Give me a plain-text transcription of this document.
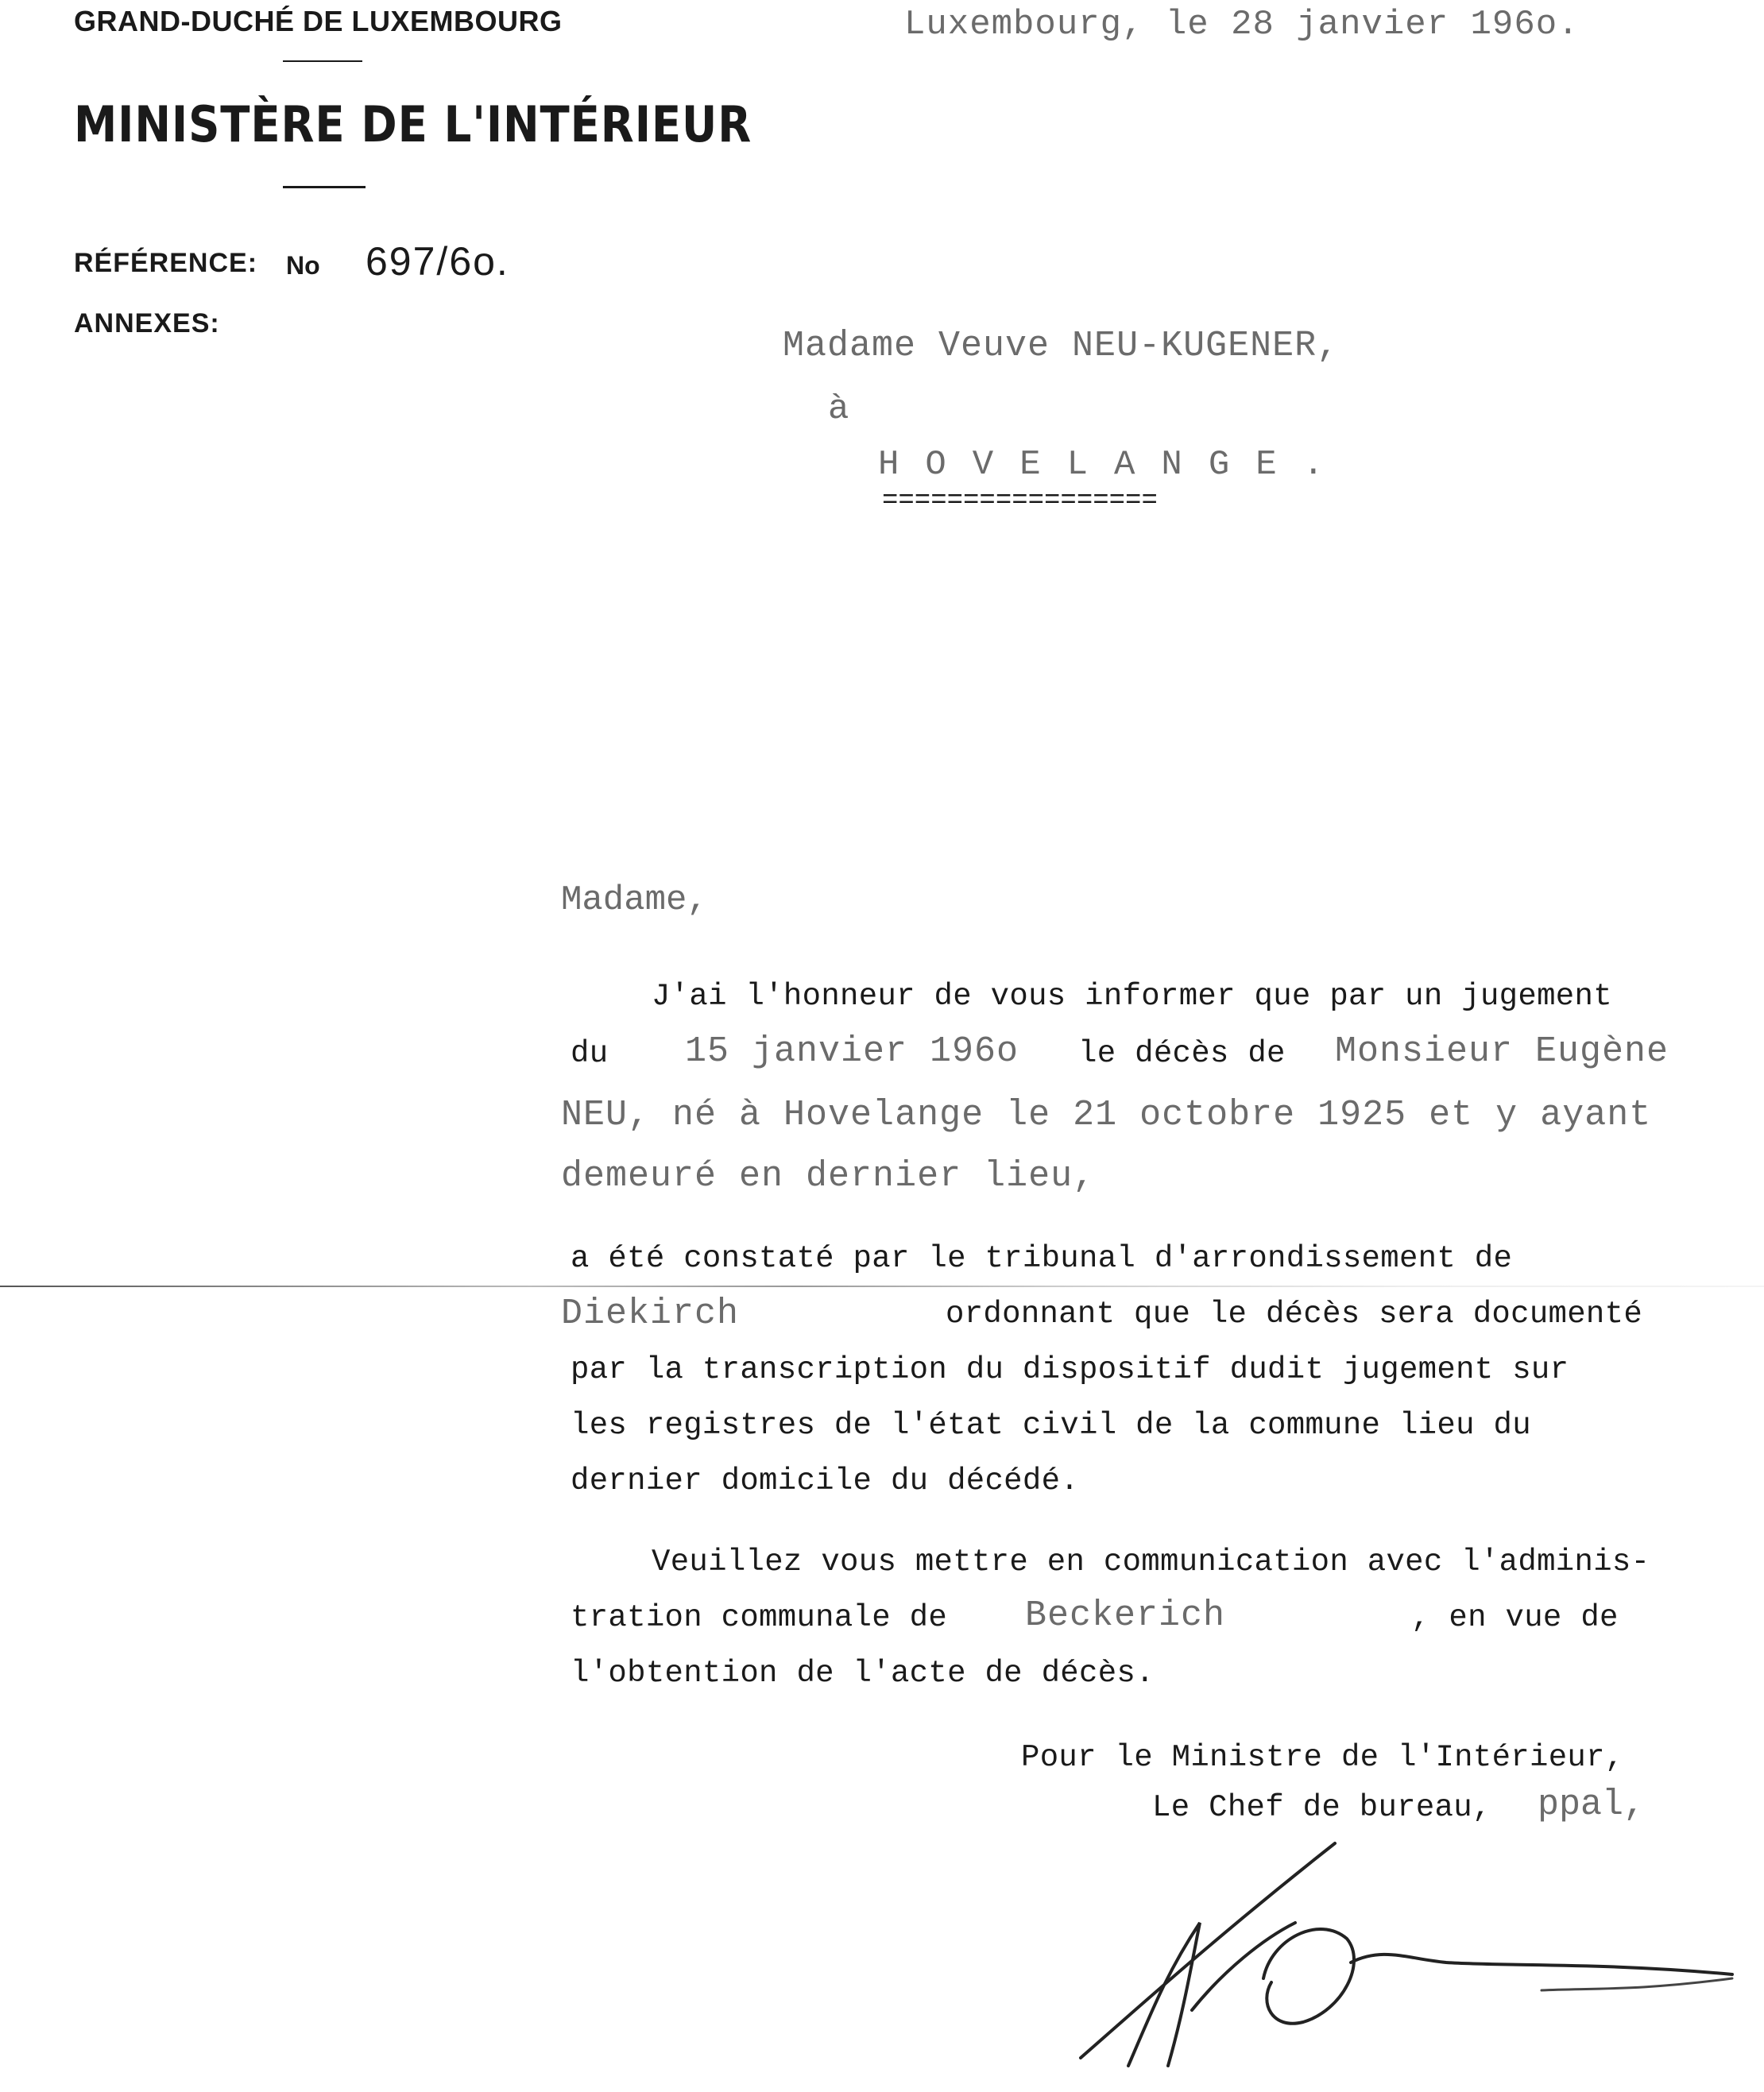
GRAND-DUCHÉ DE LUXEMBOURG
MINISTÈRE DE L'INTÉRIEUR
RÉFÉRENCE: No 697/6o.
ANNEXES:
Luxembourg, le 28 janvier 196o.
Madame Veuve NEU-KUGENER,
à
HOVELANGE.
=================
Madame,
J'ai l'honneur de vous informer que par un jugement
du 15 janvier 196o le décès de Monsieur Eugène
NEU, né à Hovelange le 21 octobre 1925 et y ayant
demeuré en dernier lieu,
a été constaté par le tribunal d'arrondissement de
Diekirch	ordonnant que le décès sera documenté
par la transcription du dispositif dudit jugement sur
les registres de l'état civil de la commune lieu du
dernier domicile du décédé.
Veuillez vous mettre en communication avec l'adminis-
tration communale de Beckerich	, en vue de
l'obtention de l'acte de décès.
Pour le Ministre de l'Intérieur,
Le Chef de bureau, ppal,
